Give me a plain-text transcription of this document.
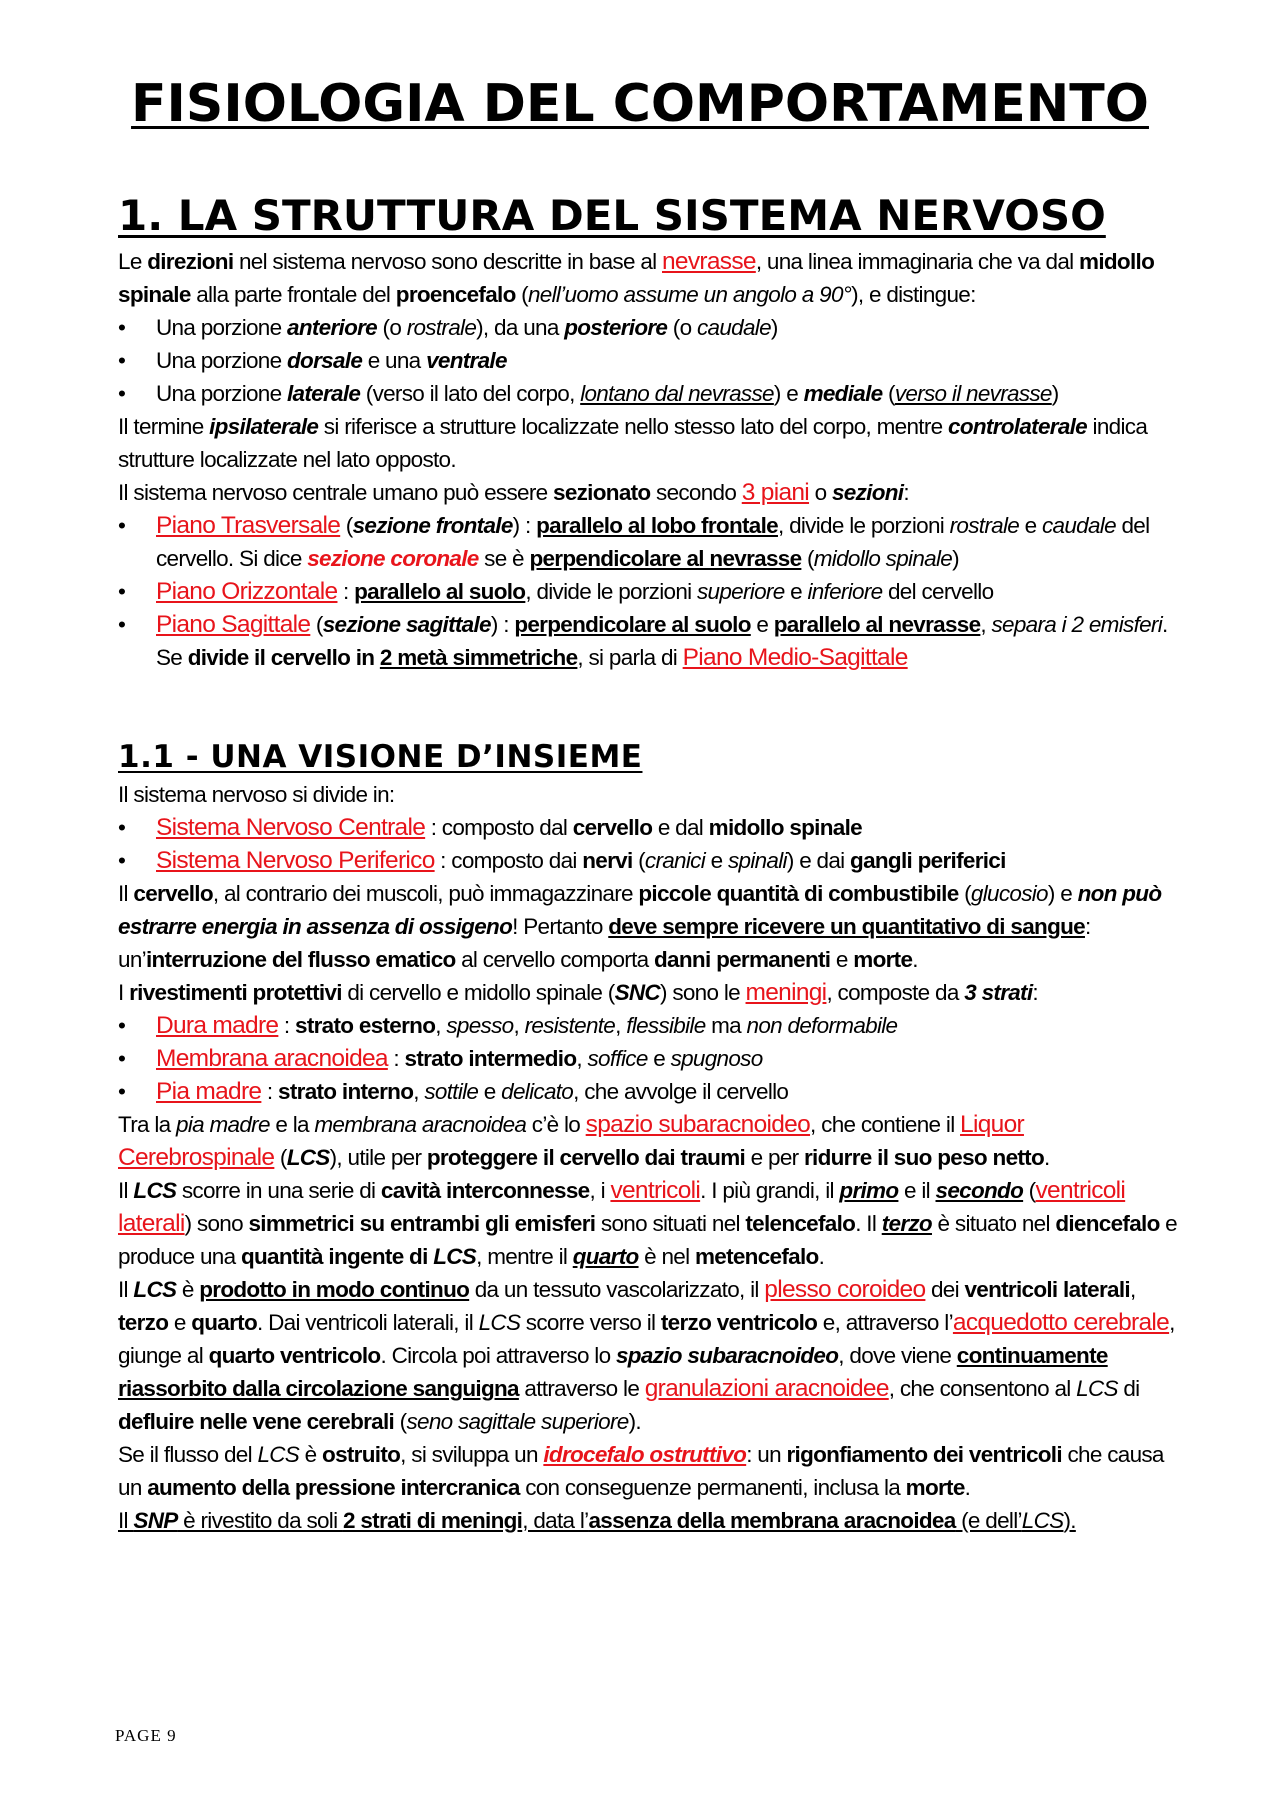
FISIOLOGIA DEL COMPORTAMENTO
1. LA STRUTTURA DEL SISTEMA NERVOSO

Le direzioni nel sistema nervoso sono descritte in base al nevrasse, una linea immaginaria che va dal midollo spinale alla parte frontale del proencefalo (nell’uomo assume un angolo a 90°), e distingue:

• Una porzione anteriore (o rostrale), da una posteriore (o caudale)
• Una porzione dorsale e una ventrale
• Una porzione laterale (verso il lato del corpo, lontano dal nevrasse) e mediale (verso il nevrasse)

Il termine ipsilaterale si riferisce a strutture localizzate nello stesso lato del corpo, mentre controlaterale indica strutture localizzate nel lato opposto.

Il sistema nervoso centrale umano può essere sezionato secondo 3 piani o sezioni:

• Piano Trasversale (sezione frontale) : parallelo al lobo frontale, divide le porzioni rostrale e caudale del cervello. Si dice sezione coronale se è perpendicolare al nevrasse (midollo spinale)
• Piano Orizzontale : parallelo al suolo, divide le porzioni superiore e inferiore del cervello
• Piano Sagittale (sezione sagittale) : perpendicolare al suolo e parallelo al nevrasse, separa i 2 emisferi. Se divide il cervello in 2 metà simmetriche, si parla di Piano Medio-Sagittale
1.1 - UNA VISIONE D’INSIEME

Il sistema nervoso si divide in:

• Sistema Nervoso Centrale : composto dal cervello e dal midollo spinale
• Sistema Nervoso Periferico : composto dai nervi (cranici e spinali) e dai gangli periferici

Il cervello, al contrario dei muscoli, può immagazzinare piccole quantità di combustibile (glucosio) e non può estrarre energia in assenza di ossigeno! Pertanto deve sempre ricevere un quantitativo di sangue: un’interruzione del flusso ematico al cervello comporta danni permanenti e morte.

I rivestimenti protettivi di cervello e midollo spinale (SNC) sono le meningi, composte da 3 strati:

• Dura madre : strato esterno, spesso, resistente, flessibile ma non deformabile
• Membrana aracnoidea : strato intermedio, soffice e spugnoso
• Pia madre : strato interno, sottile e delicato, che avvolge il cervello

Tra la pia madre e la membrana aracnoidea c’è lo spazio subaracnoideo, che contiene il Liquor Cerebrospinale (LCS), utile per proteggere il cervello dai traumi e per ridurre il suo peso netto.

Il LCS scorre in una serie di cavità interconnesse, i ventricoli. I più grandi, il primo e il secondo (ventricoli laterali) sono simmetrici su entrambi gli emisferi sono situati nel telencefalo. Il terzo è situato nel diencefalo e produce una quantità ingente di LCS, mentre il quarto è nel metencefalo.

Il LCS è prodotto in modo continuo da un tessuto vascolarizzato, il plesso coroideo dei ventricoli laterali, terzo e quarto. Dai ventricoli laterali, il LCS scorre verso il terzo ventricolo e, attraverso l’acquedotto cerebrale, giunge al quarto ventricolo. Circola poi attraverso lo spazio subaracnoideo, dove viene continuamente riassorbito dalla circolazione sanguigna attraverso le granulazioni aracnoidee, che consentono al LCS di defluire nelle vene cerebrali (seno sagittale superiore).

Se il flusso del LCS è ostruito, si sviluppa un idrocefalo ostruttivo: un rigonfiamento dei ventricoli che causa un aumento della pressione intercranica con conseguenze permanenti, inclusa la morte.

Il SNP è rivestito da soli 2 strati di meningi, data l’assenza della membrana aracnoidea (e dell’LCS).

PAGE 9
